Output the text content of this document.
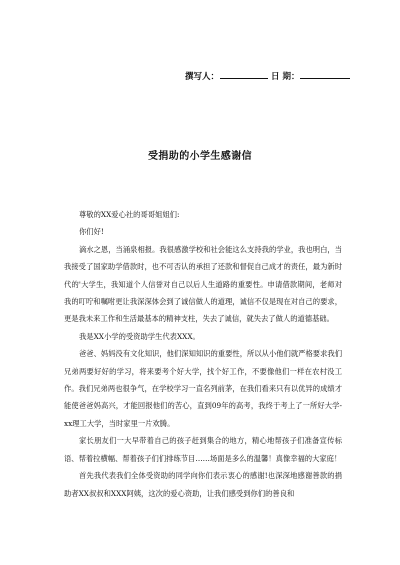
撰写人：	日 期：
受捐助的小学生感谢信

尊敬的XX爱心社的哥哥姐姐们:

你们好!

滴水之恩，当涌泉相报。我很感激学校和社会能这么支持我的学业，我也明白，当我接受了国家助学借款时，也不可否认的承担了还款和督促自己成才的责任，最为新时代的'大学生，我知道个人信誉对自己以后人生道路的重要性。申请借款期间，老师对我的叮咛和嘱咐更让我深深体会到了诚信做人的道理，诚信不仅是现在对自己的要求，更是我未来工作和生活最基本的精神支柱，失去了诚信，就失去了做人的道德基础。

我是XX小学的受资助学生代表XXX。

爸爸、妈妈没有文化知识，他们深知知识的重要性，所以从小他们就严格要求我们兄弟两要好好的学习，将来要考个好大学，找个好工作，不要像他们一样在农村没工作。我们兄弟两也很争气，在学校学习一直名列前茅，在我们看来只有以优异的成绩才能使爸爸妈高兴，才能回报他们的苦心，直到09年的高考，我终于考上了一所好大学-xx理工大学，当时家里一片欢腾。

家长朋友们一大早带着自己的孩子赶到集合的地方，精心地帮孩子们准备宣传标语、帮着拉横幅、帮着孩子们们排练节目……场面是多么的温馨！真像幸福的大家庭！

首先我代表我们全体受资助的同学向你们表示衷心的感谢!也深深地感谢善款的捐助者XX叔叔和XXX阿姨，这次的爱心资助，让我们感受到你们的善良和
